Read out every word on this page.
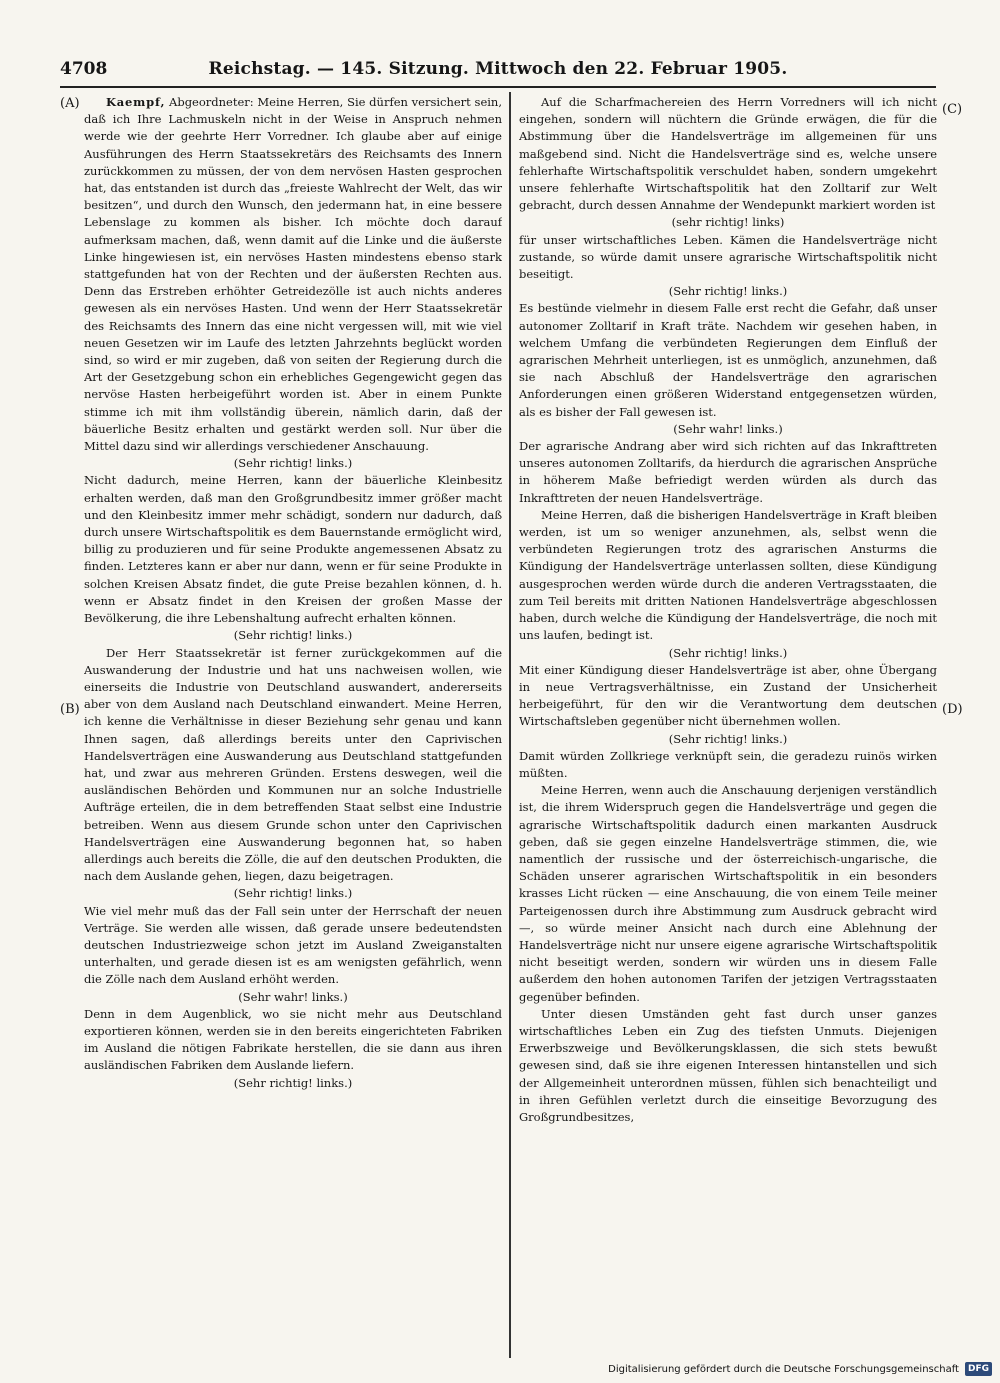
4708	Reichstag. — 145. Sitzung. Mittwoch den 22. Februar 1905.
(A)
(B)
(C)
(D)

Kaempf, Abgeordneter: Meine Herren, Sie dürfen versichert sein, daß ich Ihre Lachmuskeln nicht in der Weise in Anspruch nehmen werde wie der geehrte Herr Vorredner. Ich glaube aber auf einige Ausführungen des Herrn Staatssekretärs des Reichsamts des Innern zurückkommen zu müssen, der von dem nervösen Hasten gesprochen hat, das entstanden ist durch das „freieste Wahlrecht der Welt, das wir besitzen“, und durch den Wunsch, den jedermann hat, in eine bessere Lebenslage zu kommen als bisher. Ich möchte doch darauf aufmerksam machen, daß, wenn damit auf die Linke und die äußerste Linke hingewiesen ist, ein nervöses Hasten mindestens ebenso stark stattgefunden hat von der Rechten und der äußersten Rechten aus. Denn das Erstreben erhöhter Getreidezölle ist auch nichts anderes gewesen als ein nervöses Hasten. Und wenn der Herr Staatssekretär des Reichsamts des Innern das eine nicht vergessen will, mit wie viel neuen Gesetzen wir im Laufe des letzten Jahrzehnts beglückt worden sind, so wird er mir zugeben, daß von seiten der Regierung durch die Art der Gesetzgebung schon ein erhebliches Gegengewicht gegen das nervöse Hasten herbeigeführt worden ist. Aber in einem Punkte stimme ich mit ihm vollständig überein, nämlich darin, daß der bäuerliche Besitz erhalten und gestärkt werden soll. Nur über die Mittel dazu sind wir allerdings verschiedener Anschauung.

(Sehr richtig! links.)

Nicht dadurch, meine Herren, kann der bäuerliche Kleinbesitz erhalten werden, daß man den Großgrundbesitz immer größer macht und den Kleinbesitz immer mehr schädigt, sondern nur dadurch, daß durch unsere Wirtschaftspolitik es dem Bauernstande ermöglicht wird, billig zu produzieren und für seine Produkte angemessenen Absatz zu finden. Letzteres kann er aber nur dann, wenn er für seine Produkte in solchen Kreisen Absatz findet, die gute Preise bezahlen können, d. h. wenn er Absatz findet in den Kreisen der großen Masse der Bevölkerung, die ihre Lebenshaltung aufrecht erhalten können.

(Sehr richtig! links.)

Der Herr Staatssekretär ist ferner zurückgekommen auf die Auswanderung der Industrie und hat uns nachweisen wollen, wie einerseits die Industrie von Deutschland auswandert, andererseits aber von dem Ausland nach Deutschland einwandert. Meine Herren, ich kenne die Verhältnisse in dieser Beziehung sehr genau und kann Ihnen sagen, daß allerdings bereits unter den Caprivischen Handelsverträgen eine Auswanderung aus Deutschland stattgefunden hat, und zwar aus mehreren Gründen. Erstens deswegen, weil die ausländischen Behörden und Kommunen nur an solche Industrielle Aufträge erteilen, die in dem betreffenden Staat selbst eine Industrie betreiben. Wenn aus diesem Grunde schon unter den Caprivischen Handelsverträgen eine Auswanderung begonnen hat, so haben allerdings auch bereits die Zölle, die auf den deutschen Produkten, die nach dem Auslande gehen, liegen, dazu beigetragen.

(Sehr richtig! links.)

Wie viel mehr muß das der Fall sein unter der Herrschaft der neuen Verträge. Sie werden alle wissen, daß gerade unsere bedeutendsten deutschen Industriezweige schon jetzt im Ausland Zweiganstalten unterhalten, und gerade diesen ist es am wenigsten gefährlich, wenn die Zölle nach dem Ausland erhöht werden.

(Sehr wahr! links.)

Denn in dem Augenblick, wo sie nicht mehr aus Deutschland exportieren können, werden sie in den bereits eingerichteten Fabriken im Ausland die nötigen Fabrikate herstellen, die sie dann aus ihren ausländischen Fabriken dem Auslande liefern.

(Sehr richtig! links.)

Auf die Scharfmachereien des Herrn Vorredners will ich nicht eingehen, sondern will nüchtern die Gründe erwägen, die für die Abstimmung über die Handelsverträge im allgemeinen für uns maßgebend sind. Nicht die Handelsverträge sind es, welche unsere fehlerhafte Wirtschaftspolitik verschuldet haben, sondern umgekehrt unsere fehlerhafte Wirtschaftspolitik hat den Zolltarif zur Welt gebracht, durch dessen Annahme der Wendepunkt markiert worden ist

(sehr richtig! links)

für unser wirtschaftliches Leben. Kämen die Handelsverträge nicht zustande, so würde damit unsere agrarische Wirtschaftspolitik nicht beseitigt.

(Sehr richtig! links.)

Es bestünde vielmehr in diesem Falle erst recht die Gefahr, daß unser autonomer Zolltarif in Kraft träte. Nachdem wir gesehen haben, in welchem Umfang die verbündeten Regierungen dem Einfluß der agrarischen Mehrheit unterliegen, ist es unmöglich, anzunehmen, daß sie nach Abschluß der Handelsverträge den agrarischen Anforderungen einen größeren Widerstand entgegensetzen würden, als es bisher der Fall gewesen ist.

(Sehr wahr! links.)

Der agrarische Andrang aber wird sich richten auf das Inkrafttreten unseres autonomen Zolltarifs, da hierdurch die agrarischen Ansprüche in höherem Maße befriedigt werden würden als durch das Inkrafttreten der neuen Handelsverträge.

Meine Herren, daß die bisherigen Handelsverträge in Kraft bleiben werden, ist um so weniger anzunehmen, als, selbst wenn die verbündeten Regierungen trotz des agrarischen Ansturms die Kündigung der Handelsverträge unterlassen sollten, diese Kündigung ausgesprochen werden würde durch die anderen Vertragsstaaten, die zum Teil bereits mit dritten Nationen Handelsverträge abgeschlossen haben, durch welche die Kündigung der Handelsverträge, die noch mit uns laufen, bedingt ist.

(Sehr richtig! links.)

Mit einer Kündigung dieser Handelsverträge ist aber, ohne Übergang in neue Vertragsverhältnisse, ein Zustand der Unsicherheit herbeigeführt, für den wir die Verantwortung dem deutschen Wirtschaftsleben gegenüber nicht übernehmen wollen.

(Sehr richtig! links.)

Damit würden Zollkriege verknüpft sein, die geradezu ruinös wirken müßten.

Meine Herren, wenn auch die Anschauung derjenigen verständlich ist, die ihrem Widerspruch gegen die Handelsverträge und gegen die agrarische Wirtschaftspolitik dadurch einen markanten Ausdruck geben, daß sie gegen einzelne Handelsverträge stimmen, die, wie namentlich der russische und der österreichisch-ungarische, die Schäden unserer agrarischen Wirtschaftspolitik in ein besonders krasses Licht rücken — eine Anschauung, die von einem Teile meiner Parteigenossen durch ihre Abstimmung zum Ausdruck gebracht wird —, so würde meiner Ansicht nach durch eine Ablehnung der Handelsverträge nicht nur unsere eigene agrarische Wirtschaftspolitik nicht beseitigt werden, sondern wir würden uns in diesem Falle außerdem den hohen autonomen Tarifen der jetzigen Vertragsstaaten gegenüber befinden.

Unter diesen Umständen geht fast durch unser ganzes wirtschaftliches Leben ein Zug des tiefsten Unmuts. Diejenigen Erwerbszweige und Bevölkerungsklassen, die sich stets bewußt gewesen sind, daß sie ihre eigenen Interessen hintanstellen und sich der Allgemeinheit unterordnen müssen, fühlen sich benachteiligt und in ihren Gefühlen verletzt durch die einseitige Bevorzugung des Großgrundbesitzes,

Digitalisierung gefördert durch die Deutsche Forschungsgemeinschaft DFG
